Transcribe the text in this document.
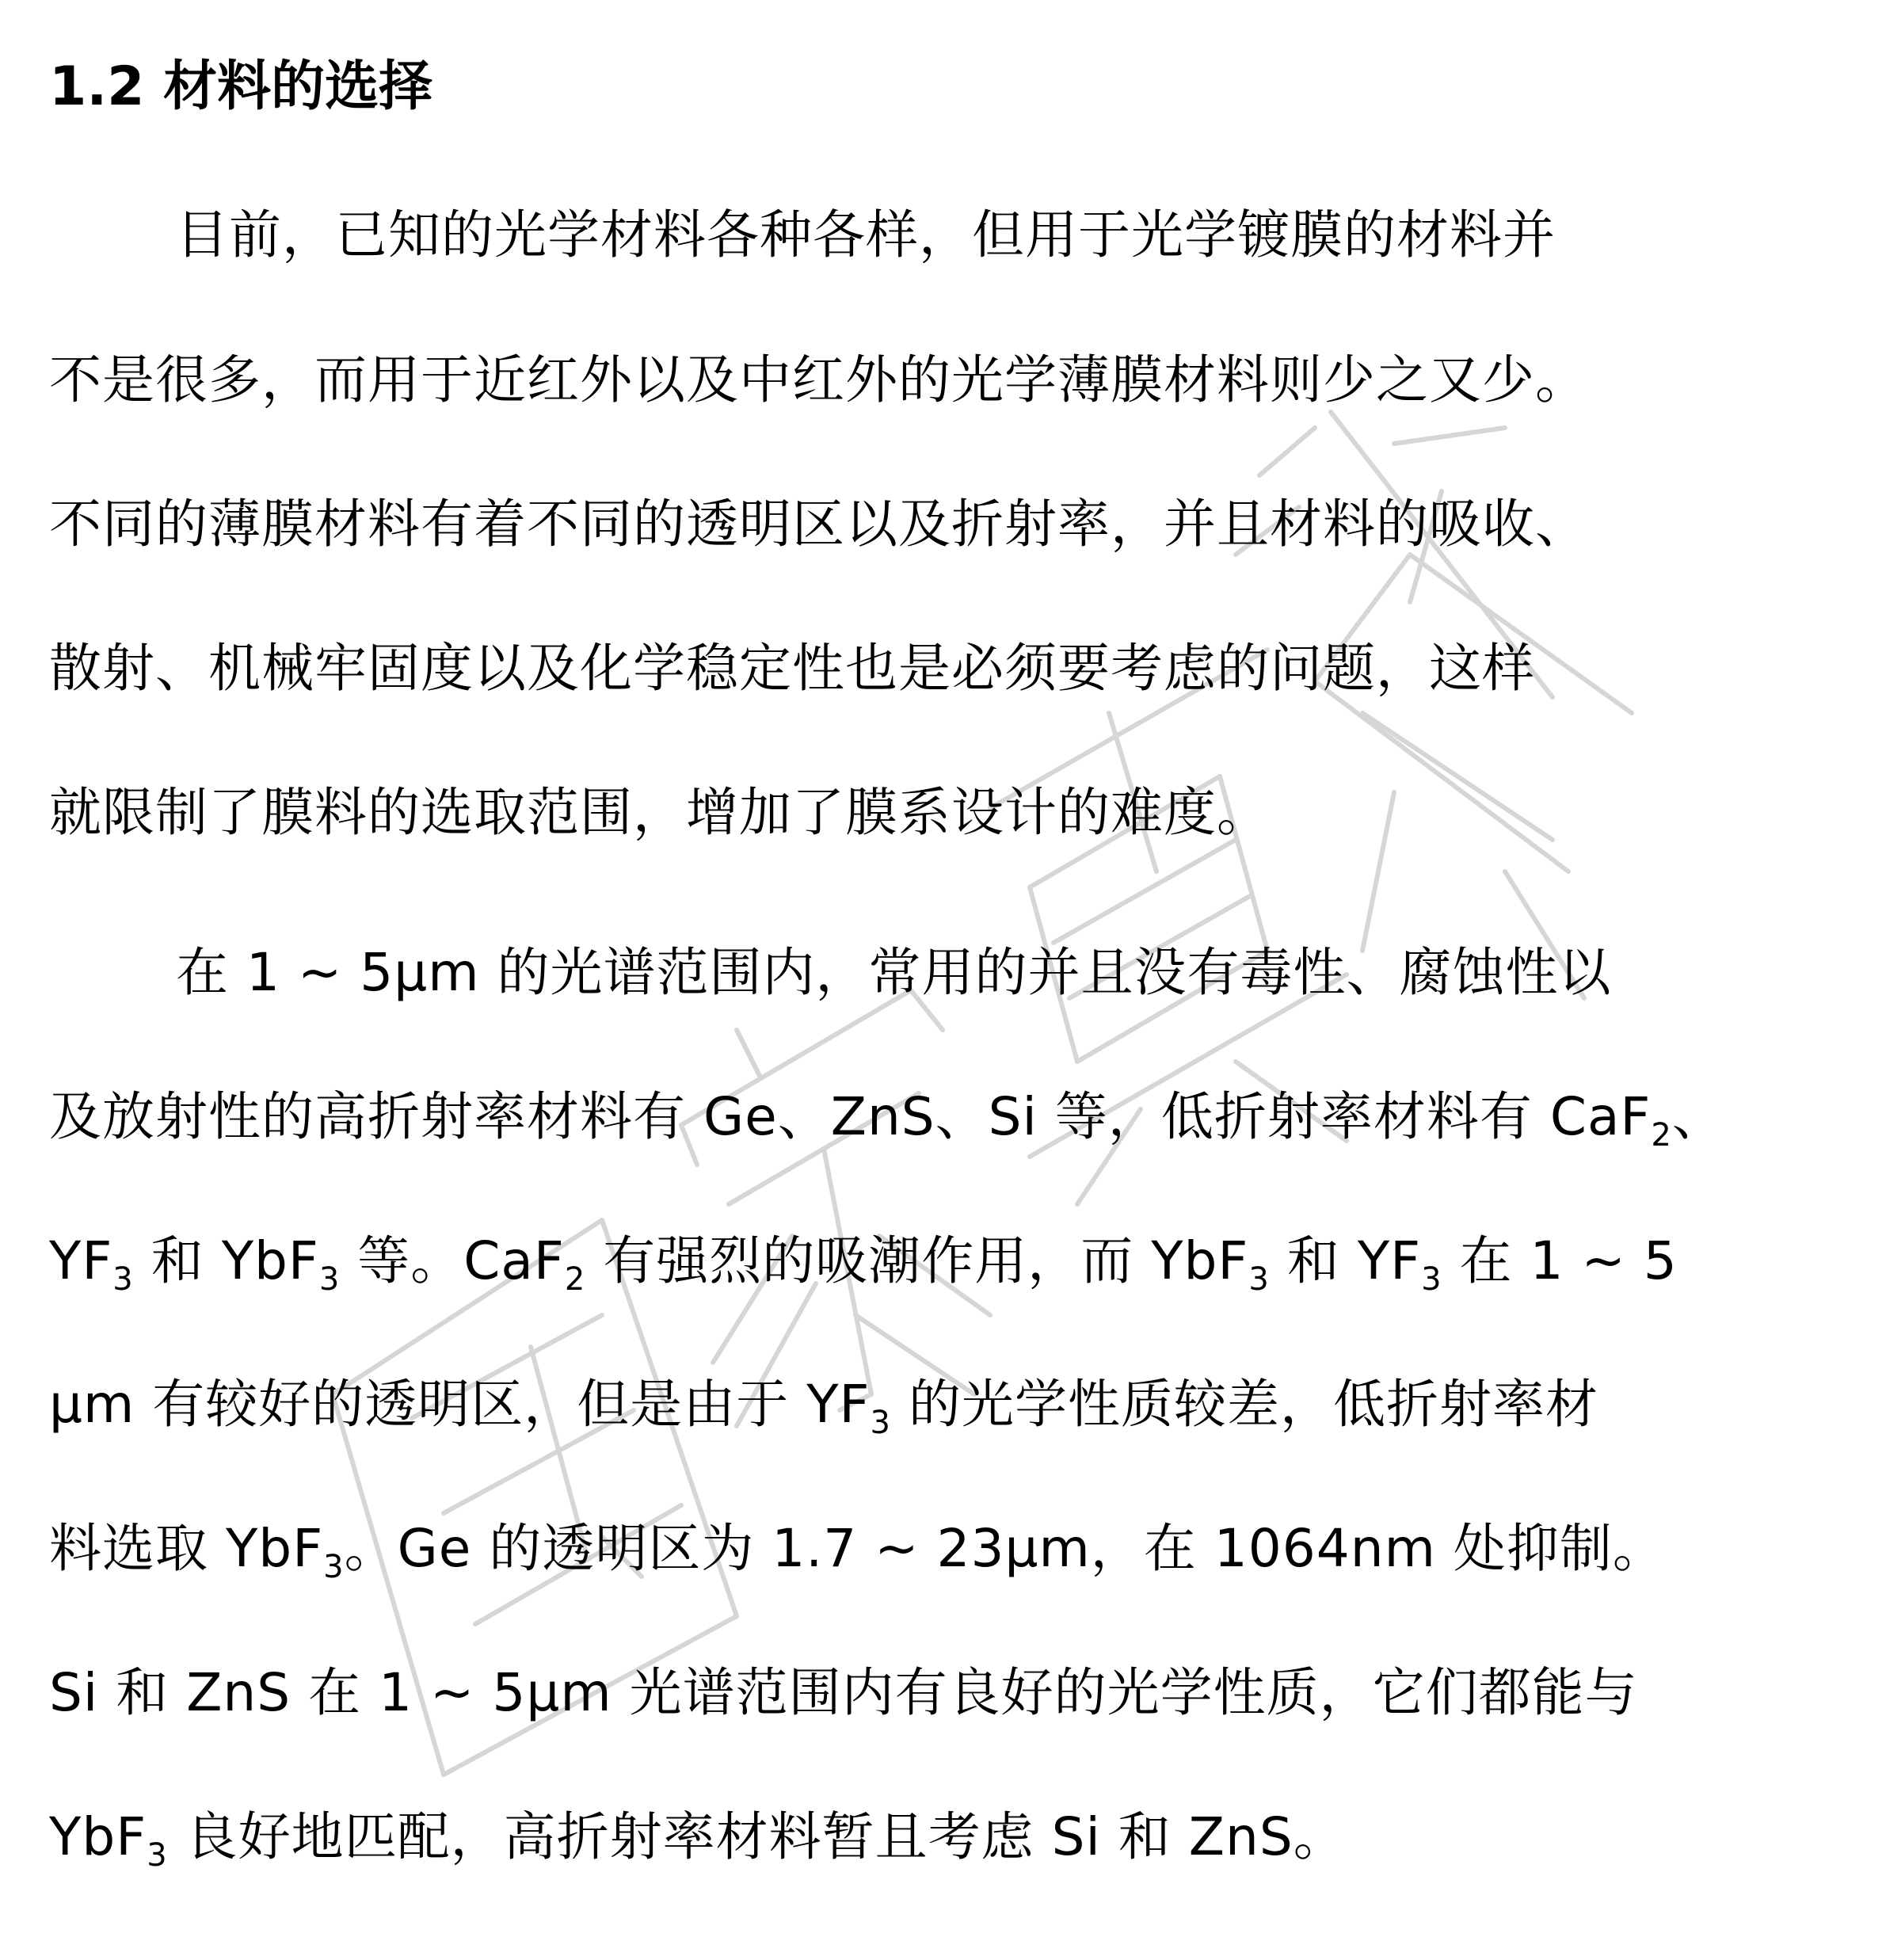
1.2 材料的选择

目前，已知的光学材料各种各样，但用于光学镀膜的材料并

不是很多，而用于近红外以及中红外的光学薄膜材料则少之又少。

不同的薄膜材料有着不同的透明区以及折射率，并且材料的吸收、

散射、机械牢固度以及化学稳定性也是必须要考虑的问题，这样

就限制了膜料的选取范围，增加了膜系设计的难度。

在 1 ~ 5μm 的光谱范围内，常用的并且没有毒性、腐蚀性以

及放射性的高折射率材料有 Ge、ZnS、Si 等，低折射率材料有 CaF$_2$、

$YF_3$ 和 YbF$_3$ 等。CaF$_2$ 有强烈的吸潮作用，而 YbF$_3$ 和 $YF_3$ 在 1 ~ 5

μm 有较好的透明区，但是由于 $YF_3$ 的光学性质较差，低折射率材

料选取 YbF$_3$。Ge 的透明区为 1.7 ~ 23μm，在 1064nm 处抑制。

Si 和 ZnS 在 1 ~ 5μm 光谱范围内有良好的光学性质，它们都能与

YbF$_3$ 良好地匹配，高折射率材料暂且考虑 Si 和 ZnS。
